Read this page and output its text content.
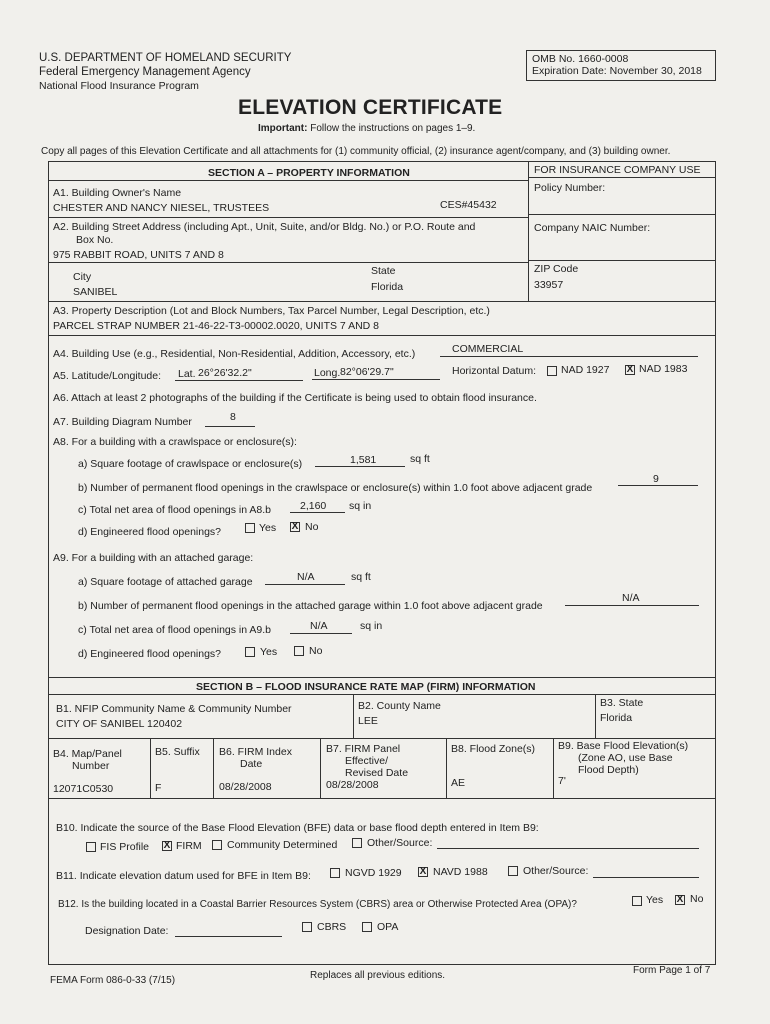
U.S. DEPARTMENT OF HOMELAND SECURITY
Federal Emergency Management Agency
National Flood Insurance Program
OMB No. 1660-0008
Expiration Date: November 30, 2018
ELEVATION CERTIFICATE
Important: Follow the instructions on pages 1–9.
Copy all pages of this Elevation Certificate and all attachments for (1) community official, (2) insurance agent/company, and (3) building owner.
SECTION A – PROPERTY INFORMATION	FOR INSURANCE COMPANY USE
A1. Building Owner's Name
CHESTER AND NANCY NIESEL, TRUSTEES	CES#45432
Policy Number:
A2. Building Street Address (including Apt., Unit, Suite, and/or Bldg. No.) or P.O. Route and
Box No.
975 RABBIT ROAD, UNITS 7 AND 8
Company NAIC Number:
City
SANIBEL
State
Florida
ZIP Code
33957
A3. Property Description (Lot and Block Numbers, Tax Parcel Number, Legal Description, etc.)
PARCEL STRAP NUMBER 21-46-22-T3-00002.0020, UNITS 7 AND 8
A4. Building Use (e.g., Residential, Non-Residential, Addition, Accessory, etc.)	COMMERCIAL
A5. Latitude/Longitude: Lat. 26°26'32.2"	Long. 82°06'29.7"	Horizontal Datum: NAD 1927 X NAD 1983
A6. Attach at least 2 photographs of the building if the Certificate is being used to obtain flood insurance.
A7. Building Diagram Number	8
A8. For a building with a crawlspace or enclosure(s):
a) Square footage of crawlspace or enclosure(s)	1,581	sq ft
b) Number of permanent flood openings in the crawlspace or enclosure(s) within 1.0 foot above adjacent grade
9
c) Total net area of flood openings in A8.b	2,160 sq in
d) Engineered flood openings?	Yes X No
A9. For a building with an attached garage:
a) Square footage of attached garage	N/A	sq ft
b) Number of permanent flood openings in the attached garage within 1.0 foot above adjacent grade
N/A
c) Total net area of flood openings in A9.b	N/A	sq in
d) Engineered flood openings?	Yes	No
SECTION B – FLOOD INSURANCE RATE MAP (FIRM) INFORMATION
B1. NFIP Community Name & Community Number
CITY OF SANIBEL 120402
B2. County Name
LEE
B3. State
Florida
B4. Map/Panel
Number
12071C0530
B5. Suffix
F
B6. FIRM Index
Date
08/28/2008
B7. FIRM Panel
Effective/
Revised Date
08/28/2008
B8. Flood Zone(s)
AE
B9. Base Flood Elevation(s)
(Zone AO, use Base
Flood Depth)
7'
B10. Indicate the source of the Base Flood Elevation (BFE) data or base flood depth entered in Item B9:
FIS Profile X FIRM Community Determined	Other/Source:
B11. Indicate elevation datum used for BFE in Item B9:	NGVD 1929 X NAVD 1988	Other/Source:
B12. Is the building located in a Coastal Barrier Resources System (CBRS) area or Otherwise Protected Area (OPA)?	Yes X No
Designation Date:	CBRS	OPA
FEMA Form 086-0-33 (7/15)	Replaces all previous editions.	Form Page 1 of 7
